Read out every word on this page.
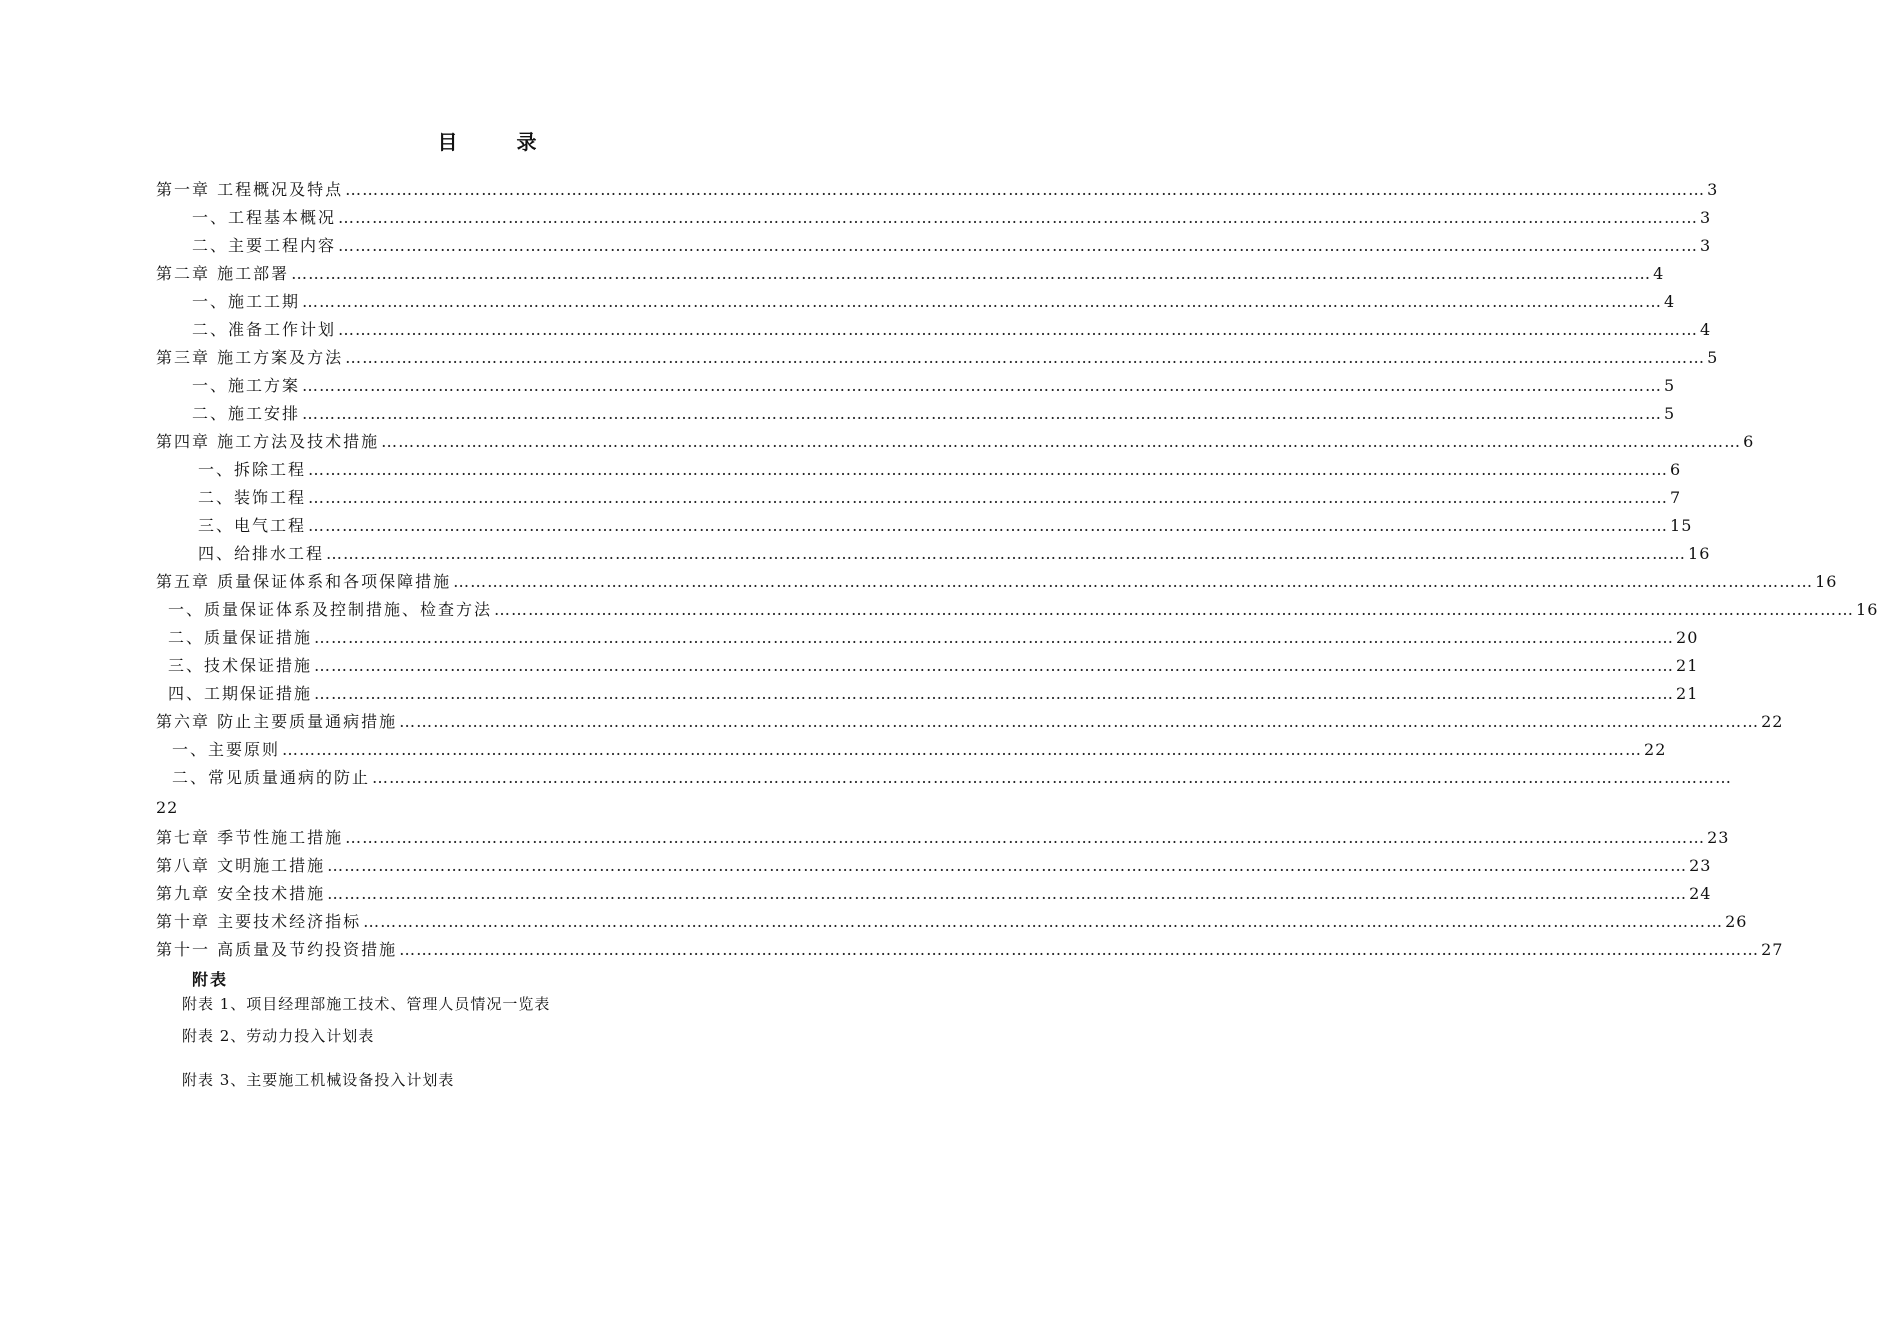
目 录
第一章 工程概况及特点 …………………………………………………………………………………………………………………………………………………………………………………………………………………… 3
一、工程基本概况 …………………………………………………………………………………………………………………………………………………………………………………………………………………… 3
二、主要工程内容 …………………………………………………………………………………………………………………………………………………………………………………………………………………… 3
第二章 施工部署 …………………………………………………………………………………………………………………………………………………………………………………………………………………… 4
一、施工工期 …………………………………………………………………………………………………………………………………………………………………………………………………………………… 4
二、准备工作计划 …………………………………………………………………………………………………………………………………………………………………………………………………………………… 4
第三章 施工方案及方法 …………………………………………………………………………………………………………………………………………………………………………………………………………………… 5
一、施工方案 …………………………………………………………………………………………………………………………………………………………………………………………………………………… 5
二、施工安排 …………………………………………………………………………………………………………………………………………………………………………………………………………………… 5
第四章 施工方法及技术措施 …………………………………………………………………………………………………………………………………………………………………………………………………………………… 6
一、拆除工程 …………………………………………………………………………………………………………………………………………………………………………………………………………………… 6
二、装饰工程 …………………………………………………………………………………………………………………………………………………………………………………………………………………… 7
三、电气工程 …………………………………………………………………………………………………………………………………………………………………………………………………………………… 15
四、给排水工程 …………………………………………………………………………………………………………………………………………………………………………………………………………………… 16
第五章 质量保证体系和各项保障措施 …………………………………………………………………………………………………………………………………………………………………………………………………………………… 16
一、质量保证体系及控制措施、检查方法 …………………………………………………………………………………………………………………………………………………………………………………………………………………… 16
二、质量保证措施 …………………………………………………………………………………………………………………………………………………………………………………………………………………… 20
三、技术保证措施 …………………………………………………………………………………………………………………………………………………………………………………………………………………… 21
四、工期保证措施 …………………………………………………………………………………………………………………………………………………………………………………………………………………… 21
第六章 防止主要质量通病措施 …………………………………………………………………………………………………………………………………………………………………………………………………………………… 22
一、主要原则 …………………………………………………………………………………………………………………………………………………………………………………………………………………… 22
二、常见质量通病的防止 ……………………………………………………………………………………………………………………………………………………………………………………………………………………
第七章 季节性施工措施 …………………………………………………………………………………………………………………………………………………………………………………………………………………… 23
第八章 文明施工措施 …………………………………………………………………………………………………………………………………………………………………………………………………………………… 23
第九章 安全技术措施 …………………………………………………………………………………………………………………………………………………………………………………………………………………… 24
第十章 主要技术经济指标 …………………………………………………………………………………………………………………………………………………………………………………………………………………… 26
第十一 高质量及节约投资措施 …………………………………………………………………………………………………………………………………………………………………………………………………………………… 27
22
附表
附表 1、项目经理部施工技术、管理人员情况一览表
附表 2、劳动力投入计划表
附表 3、主要施工机械设备投入计划表
